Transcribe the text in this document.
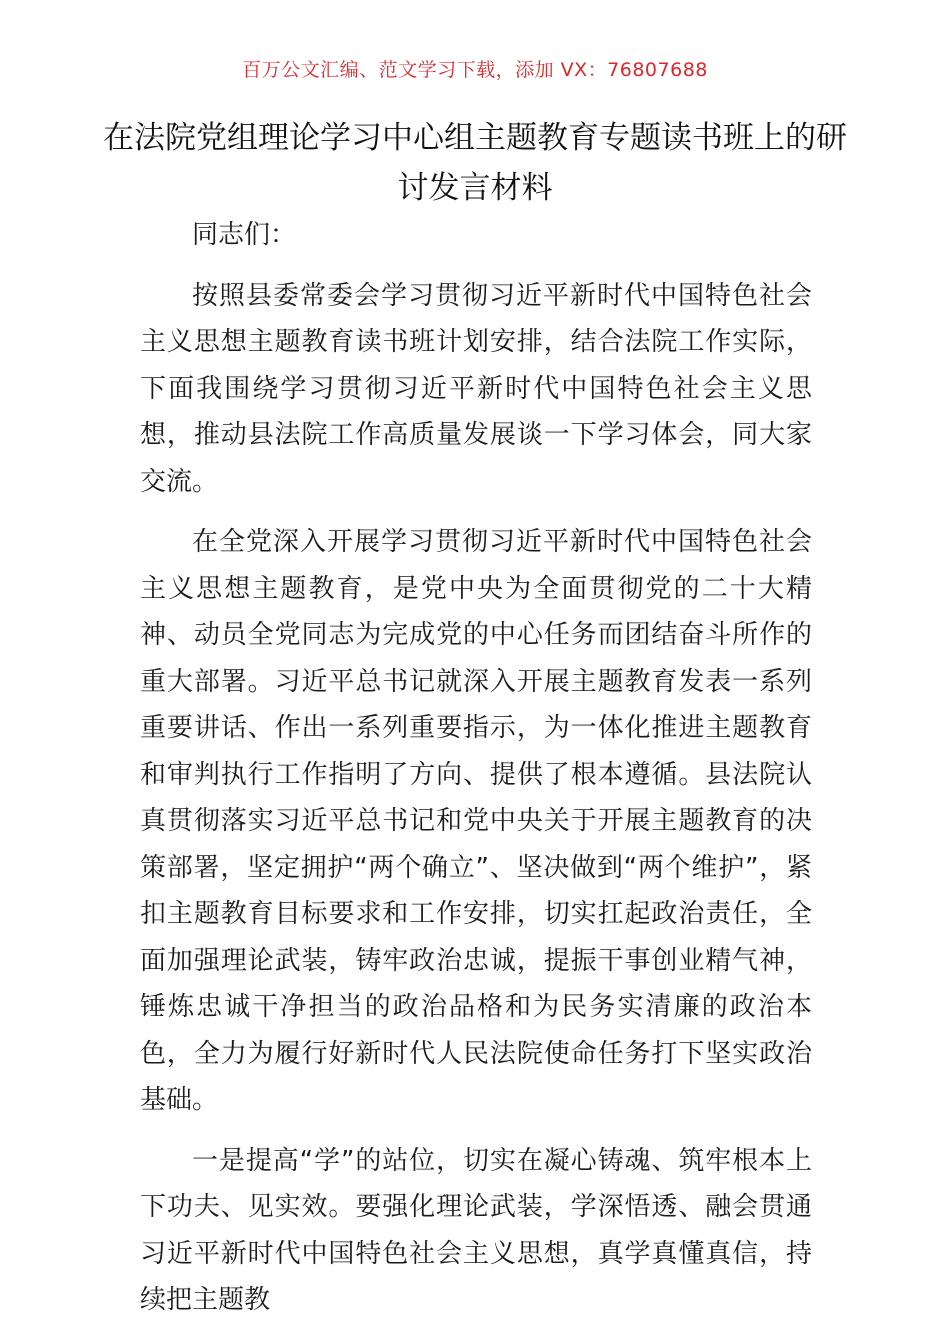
百万公文汇编、范文学习下载，添加 VX：76807688
在法院党组理论学习中心组主题教育专题读书班上的研讨发言材料

同志们：

按照县委常委会学习贯彻习近平新时代中国特色社会主义思想主题教育读书班计划安排，结合法院工作实际，下面我围绕学习贯彻习近平新时代中国特色社会主义思想，推动县法院工作高质量发展谈一下学习体会，同大家交流。

在全党深入开展学习贯彻习近平新时代中国特色社会主义思想主题教育，是党中央为全面贯彻党的二十大精神、动员全党同志为完成党的中心任务而团结奋斗所作的重大部署。习近平总书记就深入开展主题教育发表一系列重要讲话、作出一系列重要指示，为一体化推进主题教育和审判执行工作指明了方向、提供了根本遵循。县法院认真贯彻落实习近平总书记和党中央关于开展主题教育的决策部署，坚定拥护“两个确立”、坚决做到“两个维护”，紧扣主题教育目标要求和工作安排，切实扛起政治责任，全面加强理论武装，铸牢政治忠诚，提振干事创业精气神，锤炼忠诚干净担当的政治品格和为民务实清廉的政治本色，全力为履行好新时代人民法院使命任务打下坚实政治基础。

一是提高“学”的站位，切实在凝心铸魂、筑牢根本上下功夫、见实效。要强化理论武装，学深悟透、融会贯通习近平新时代中国特色社会主义思想，真学真懂真信，持续把主题教
